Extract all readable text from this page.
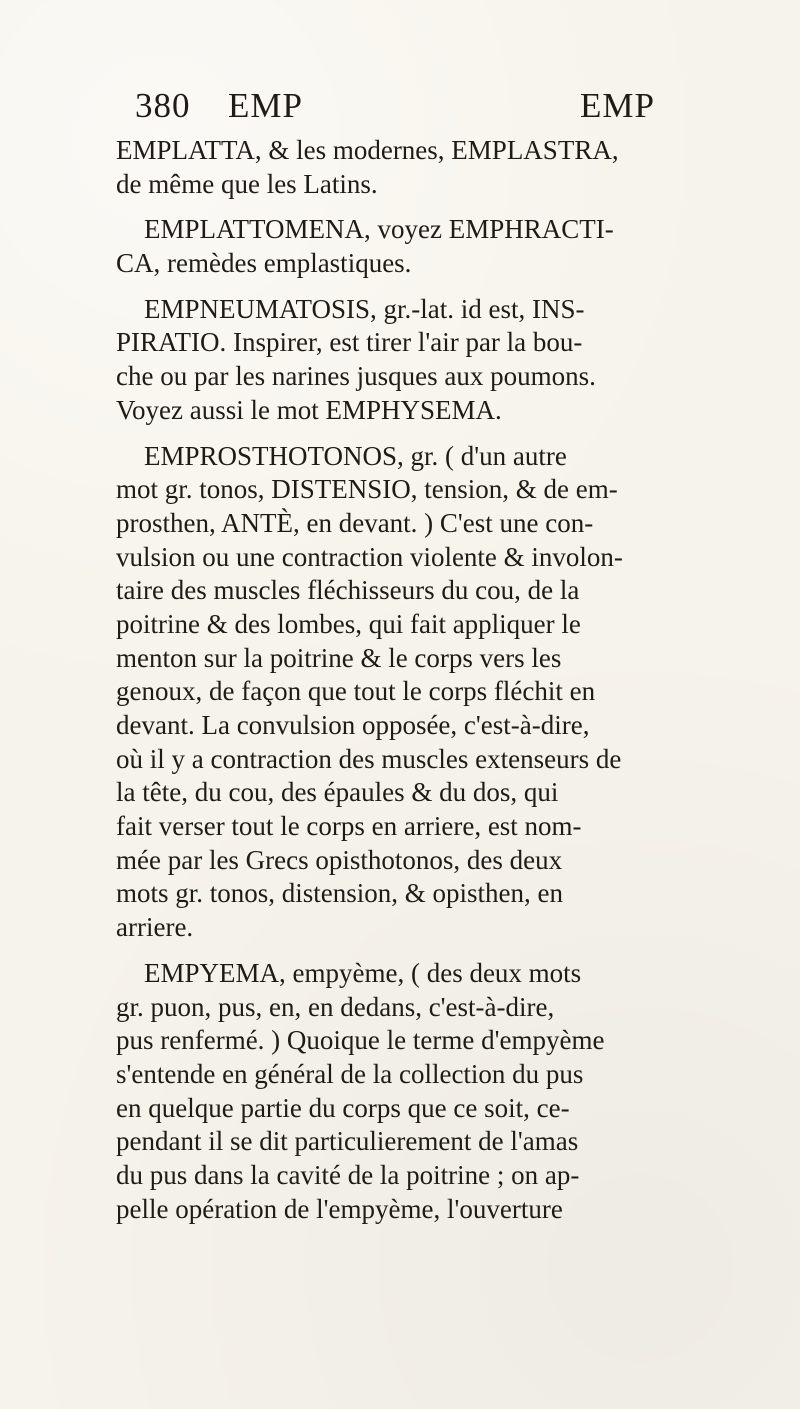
380 EMP	EMP
EMPLATTA, & les modernes, EMPLASTRA,
de même que les Latins.
EMPLATTOMENA, voyez EMPHRACTI-
CA, remèdes emplastiques.
EMPNEUMATOSIS, gr.-lat. id est, INS-
PIRATIO. Inspirer, est tirer l'air par la bou-
che ou par les narines jusques aux poumons.
Voyez aussi le mot EMPHYSEMA.
EMPROSTHOTONOS, gr. ( d'un autre
mot gr. tonos, DISTENSIO, tension, & de em-
prosthen, ANTÈ, en devant. ) C'est une con-
vulsion ou une contraction violente & involon-
taire des muscles fléchisseurs du cou, de la
poitrine & des lombes, qui fait appliquer le
menton sur la poitrine & le corps vers les
genoux, de façon que tout le corps fléchit en
devant. La convulsion opposée, c'est-à-dire,
où il y a contraction des muscles extenseurs de
la tête, du cou, des épaules & du dos, qui
fait verser tout le corps en arriere, est nom-
mée par les Grecs opisthotonos, des deux
mots gr. tonos, distension, & opisthen, en
arriere.
EMPYEMA, empyème, ( des deux mots
gr. puon, pus, en, en dedans, c'est-à-dire,
pus renfermé. ) Quoique le terme d'empyème
s'entende en général de la collection du pus
en quelque partie du corps que ce soit, ce-
pendant il se dit particulierement de l'amas
du pus dans la cavité de la poitrine ; on ap-
pelle opération de l'empyème, l'ouverture
